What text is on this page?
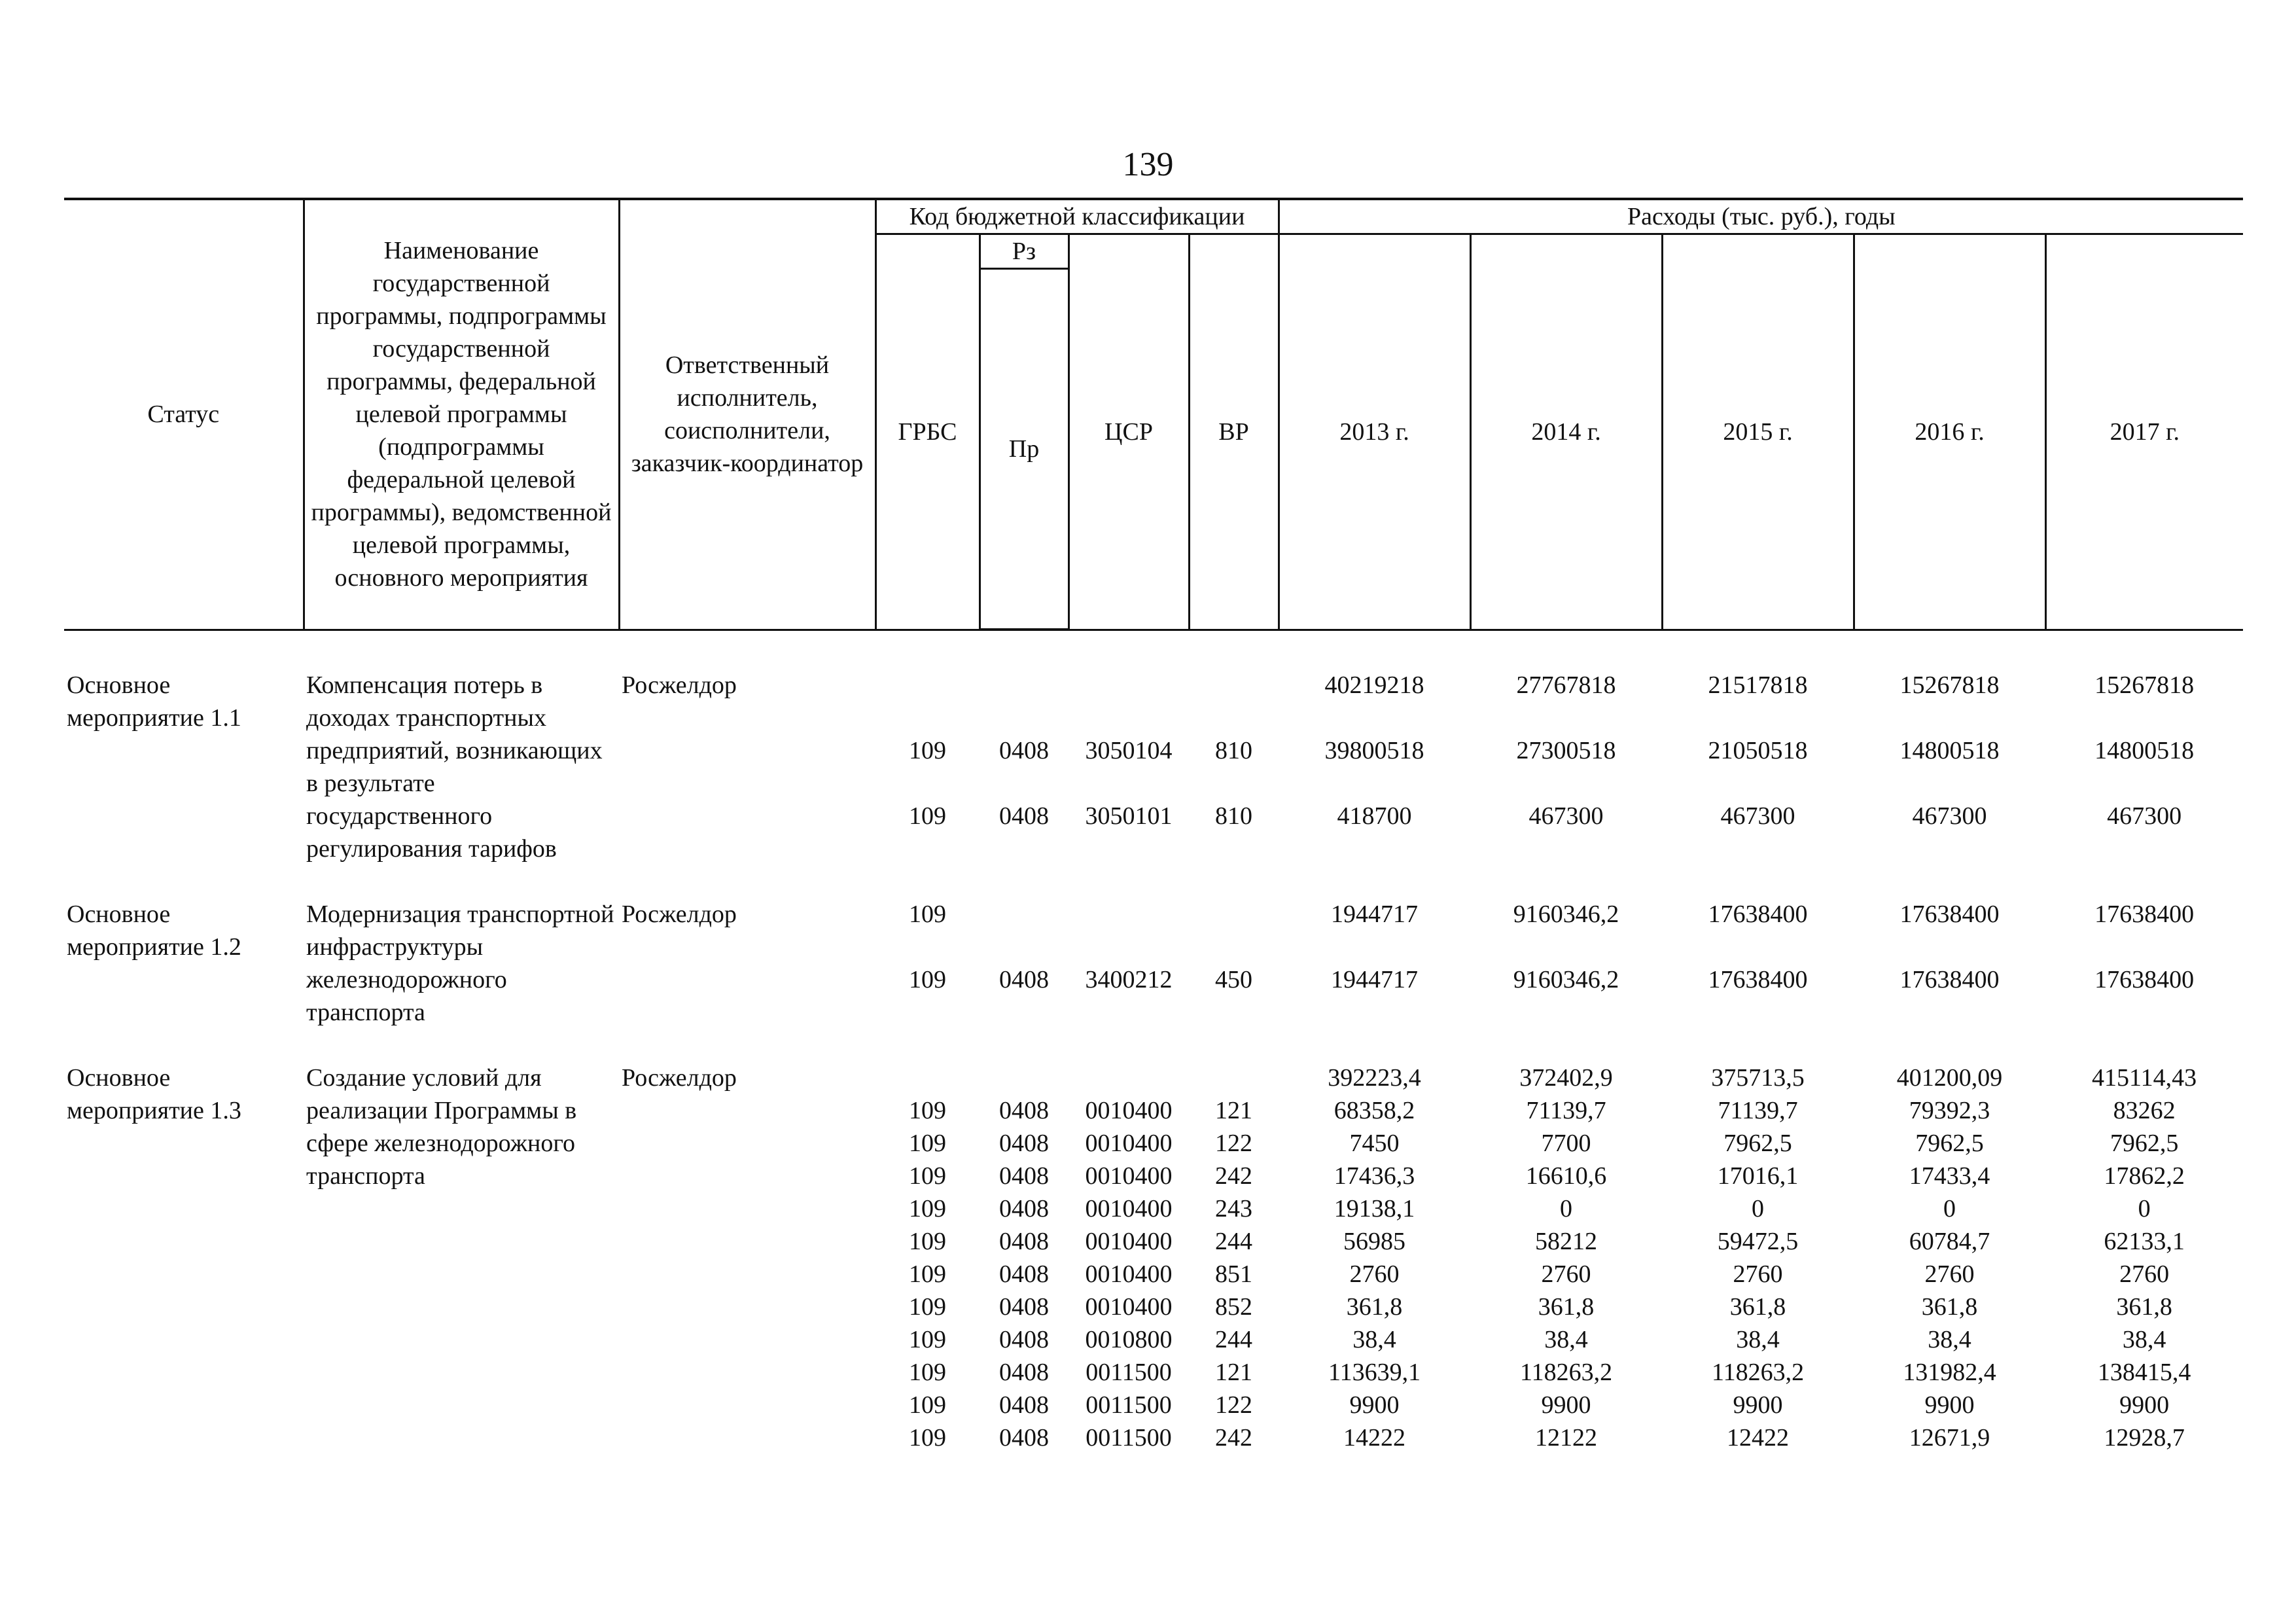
139
Статус	Наименование государственной программы, подпрограммы государственной программы, федеральной целевой программы (подпрограммы федеральной целевой программы), ведомственной целевой программы, основного мероприятия	Ответственный исполнитель, соисполнители, заказчик-координатор	Код бюджетной классификации				Расходы (тыс. руб.), годы				
			ГРБС	Рз	ЦСР	ВР	2013 г.	2014 г.	2015 г.	2016 г.	2017 г.
				Пр							

Основное мероприятие 1.1	Компенсация потерь в доходах транспортных предприятий, возникающих в результате государственного регулирования тарифов	Росжелдор					40219218	27767818	21517818	15267818	15267818
			109	0408	3050104	810	39800518	27300518	21050518	14800518	14800518
			109	0408	3050101	810	418700	467300	467300	467300	467300

Основное мероприятие 1.2	Модернизация транспортной инфраструктуры железнодорожного транспорта	Росжелдор	109				1944717	9160346,2	17638400	17638400	17638400
			109	0408	3400212	450	1944717	9160346,2	17638400	17638400	17638400

Основное мероприятие 1.3	Создание условий для реализации Программы в сфере железнодорожного транспорта	Росжелдор					392223,4	372402,9	375713,5	401200,09	415114,43
			109	0408	0010400	121	68358,2	71139,7	71139,7	79392,3	83262
			109	0408	0010400	122	7450	7700	7962,5	7962,5	7962,5
			109	0408	0010400	242	17436,3	16610,6	17016,1	17433,4	17862,2
			109	0408	0010400	243	19138,1	0	0	0	0
			109	0408	0010400	244	56985	58212	59472,5	60784,7	62133,1
			109	0408	0010400	851	2760	2760	2760	2760	2760
			109	0408	0010400	852	361,8	361,8	361,8	361,8	361,8
			109	0408	0010800	244	38,4	38,4	38,4	38,4	38,4
			109	0408	0011500	121	113639,1	118263,2	118263,2	131982,4	138415,4
			109	0408	0011500	122	9900	9900	9900	9900	9900
			109	0408	0011500	242	14222	12122	12422	12671,9	12928,7
